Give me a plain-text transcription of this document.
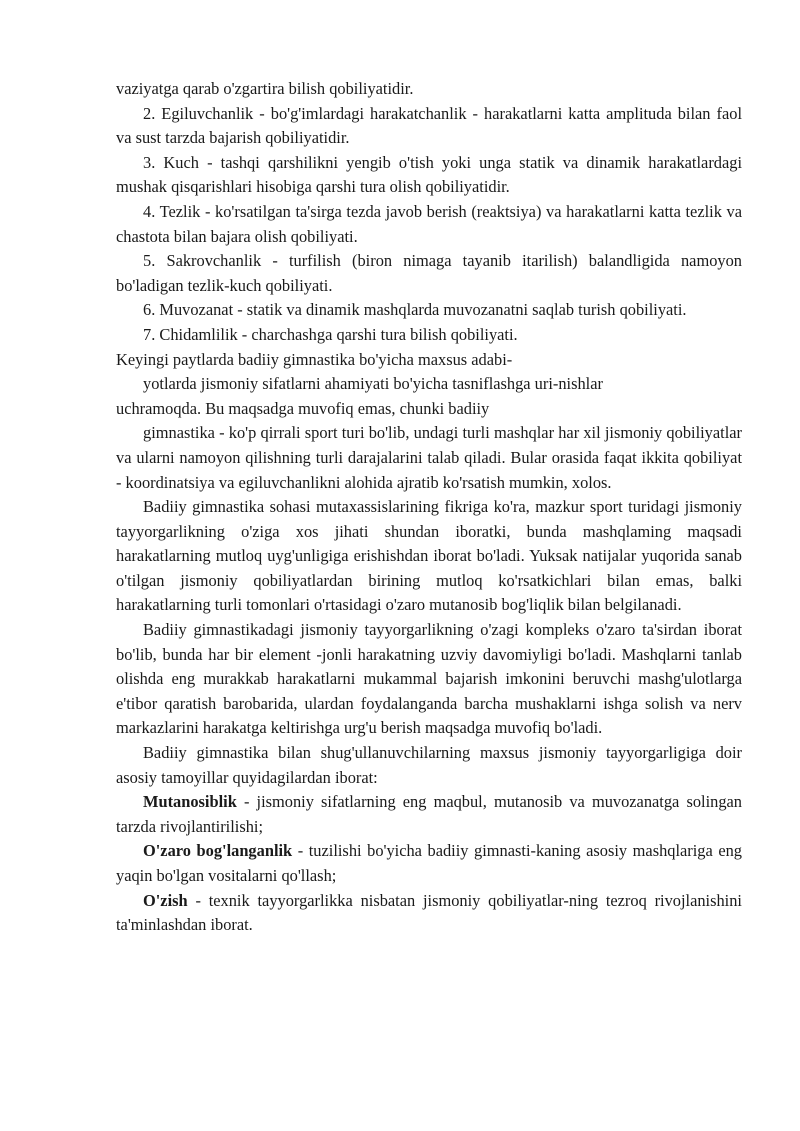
vaziyatga qarab o'zgartira bilish qobiliyatidir.

2. Egiluvchanlik - bo'g'imlardagi harakatchanlik - harakatlarni katta amplituda bilan faol va sust tarzda bajarish qobiliyatidir.

3. Kuch - tashqi qarshilikni yengib o'tish yoki unga statik va dinamik harakatlardagi mushak qisqarishlari hisobiga qarshi tura olish qobiliyatidir.

4. Tezlik - ko'rsatilgan ta'sirga tezda javob berish (reaktsiya) va harakatlarni katta tezlik va chastota bilan bajara olish qobiliyati.

5. Sakrovchanlik - turfilish (biron nimaga tayanib itarilish) balandligida namoyon bo'ladigan tezlik-kuch qobiliyati.

6. Muvozanat - statik va dinamik mashqlarda muvozanatni saqlab turish qobiliyati.

7. Chidamlilik - charchashga qarshi tura bilish qobiliyati.

Keyingi paytlarda badiiy gimnastika bo'yicha maxsus adabi-

yotlarda jismoniy sifatlarni ahamiyati bo'yicha tasniflashga uri-nishlar

uchramoqda. Bu maqsadga muvofiq emas, chunki badiiy

gimnastika - ko'p qirrali sport turi bo'lib, undagi turli mashqlar har xil jismoniy qobiliyatlar va ularni namoyon qilishning turli darajalarini talab qiladi. Bular orasida faqat ikkita qobiliyat - koordinatsiya va egiluvchanlikni alohida ajratib ko'rsatish mumkin, xolos.

Badiiy gimnastika sohasi mutaxassislarining fikriga ko'ra, mazkur sport turidagi jismoniy tayyorgarlikning o'ziga xos jihati shundan iboratki, bunda mashqlaming maqsadi harakatlarning mutloq uyg'unligiga erishishdan iborat bo'ladi. Yuksak natijalar yuqorida sanab o'tilgan jismoniy qobiliyatlardan birining mutloq ko'rsatkichlari bilan emas, balki harakatlarning turli tomonlari o'rtasidagi o'zaro mutanosib bog'liqlik bilan belgilanadi.

Badiiy gimnastikadagi jismoniy tayyorgarlikning o'zagi kompleks o'zaro ta'sirdan iborat bo'lib, bunda har bir element -jonli harakatning uzviy davomiyligi bo'ladi. Mashqlarni tanlab olishda eng murakkab harakatlarni mukammal bajarish imkonini beruvchi mashg'ulotlarga e'tibor qaratish barobarida, ulardan foydalanganda barcha mushaklarni ishga solish va nerv markazlarini harakatga keltirishga urg'u berish maqsadga muvofiq bo'ladi.

Badiiy gimnastika bilan shug'ullanuvchilarning maxsus jismoniy tayyorgarligiga doir asosiy tamoyillar quyidagilardan iborat:

Mutanosiblik - jismoniy sifatlarning eng maqbul, mutanosib va muvozanatga solingan tarzda rivojlantirilishi;

O'zaro bog'langanlik - tuzilishi bo'yicha badiiy gimnasti-kaning asosiy mashqlariga eng yaqin bo'lgan vositalarni qo'llash;

O'zish - texnik tayyorgarlikka nisbatan jismoniy qobiliyatlar-ning tezroq rivojlanishini ta'minlashdan iborat.
